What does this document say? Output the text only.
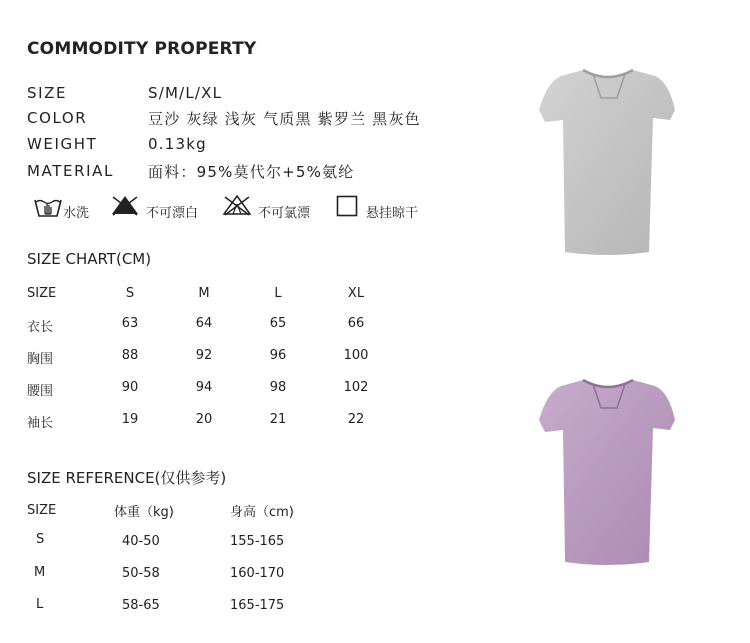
COMMODITY PROPERTY
SIZE	S/M/L/XL
COLOR	豆沙 灰绿 浅灰 气质黑 紫罗兰 黑灰色
WEIGHT	0.13kg
MATERIAL 面料：95%莫代尔+5%氨纶
水洗	不可漂白	不可氯漂	悬挂晾干
SIZE CHART(CM)
SIZE	S	M	L	XL
衣长	63	64	65	66
胸围	88	92	96	100
腰围	90	94	98	102
袖长	19	20	21	22
SIZE REFERENCE(仅供参考)
SIZE	体重（kg)	身高（cm)
S	40-50	155-165
M	50-58	160-170
L	58-65	165-175
